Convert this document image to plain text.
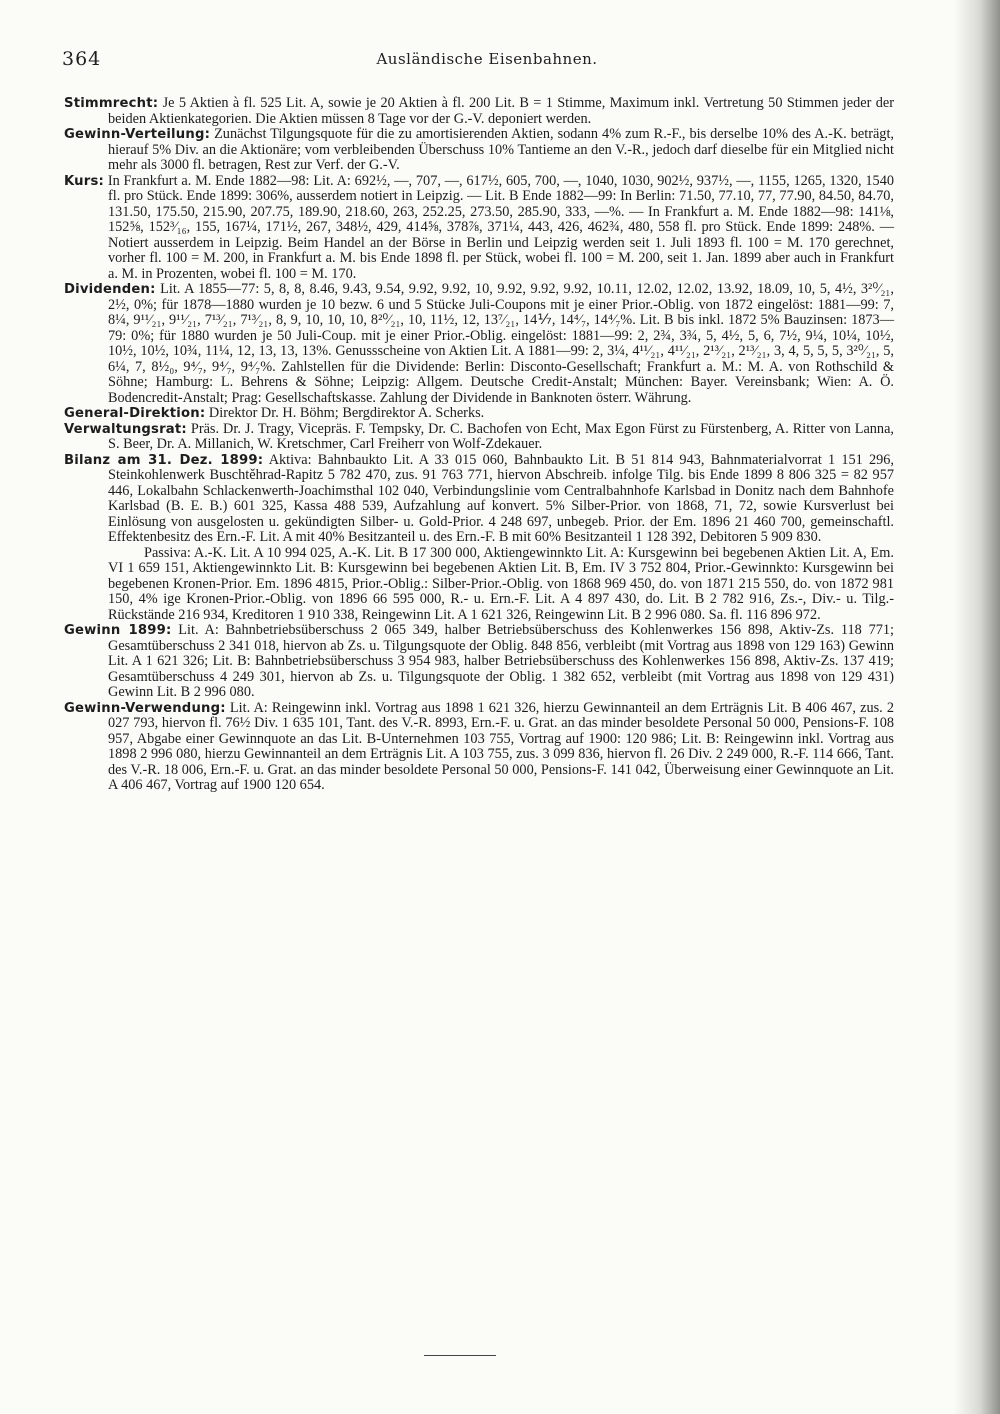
364	Ausländische Eisenbahnen.

Stimmrecht: Je 5 Aktien à fl. 525 Lit. A, sowie je 20 Aktien à fl. 200 Lit. B = 1 Stimme, Maximum inkl. Vertretung 50 Stimmen jeder der beiden Aktienkategorien. Die Aktien müssen 8 Tage vor der G.-V. deponiert werden.

Gewinn-Verteilung: Zunächst Tilgungsquote für die zu amortisierenden Aktien, sodann 4% zum R.-F., bis derselbe 10% des A.-K. beträgt, hierauf 5% Div. an die Aktionäre; vom verbleibenden Überschuss 10% Tantieme an den V.-R., jedoch darf dieselbe für ein Mitglied nicht mehr als 3000 fl. betragen, Rest zur Verf. der G.-V.

Kurs: In Frankfurt a. M. Ende 1882—98: Lit. A: 692½, —, 707, —, 617½, 605, 700, —, 1040, 1030, 902½, 937½, —, 1155, 1265, 1320, 1540 fl. pro Stück. Ende 1899: 306%, ausserdem notiert in Leipzig. — Lit. B Ende 1882—99: In Berlin: 71.50, 77.10, 77, 77.90, 84.50, 84.70, 131.50, 175.50, 215.90, 207.75, 189.90, 218.60, 263, 252.25, 273.50, 285.90, 333, —%. — In Frankfurt a. M. Ende 1882—98: 141⅛, 152⅝, 152³⁄₁₆, 155, 167¼, 171½, 267, 348½, 429, 414⅝, 378⅞, 371¼, 443, 426, 462¾, 480, 558 fl. pro Stück. Ende 1899: 248%. — Notiert ausserdem in Leipzig. Beim Handel an der Börse in Berlin und Leipzig werden seit 1. Juli 1893 fl. 100 = M. 170 gerechnet, vorher fl. 100 = M. 200, in Frankfurt a. M. bis Ende 1898 fl. per Stück, wobei fl. 100 = M. 200, seit 1. Jan. 1899 aber auch in Frankfurt a. M. in Prozenten, wobei fl. 100 = M. 170.

Dividenden: Lit. A 1855—77: 5, 8, 8, 8.46, 9.43, 9.54, 9.92, 9.92, 10, 9.92, 9.92, 9.92, 10.11, 12.02, 12.02, 13.92, 18.09, 10, 5, 4½, 3²⁰⁄₂₁, 2½, 0%; für 1878—1880 wurden je 10 bezw. 6 und 5 Stücke Juli-Coupons mit je einer Prior.-Oblig. von 1872 eingelöst: 1881—99: 7, 8¼, 9¹¹⁄₂₁, 9¹¹⁄₂₁, 7¹³⁄₂₁, 7¹³⁄₂₁, 8, 9, 10, 10, 10, 8²⁰⁄₂₁, 10, 11½, 12, 13⁷⁄₂₁, 14⅐, 14⁴⁄₇, 14⁴⁄₇%. Lit. B bis inkl. 1872 5% Bauzinsen: 1873—79: 0%; für 1880 wurden je 50 Juli-Coup. mit je einer Prior.-Oblig. eingelöst: 1881—99: 2, 2¾, 3¾, 5, 4½, 5, 6, 7½, 9¼, 10¼, 10½, 10½, 10½, 10¾, 11¼, 12, 13, 13, 13%. Genussscheine von Aktien Lit. A 1881—99: 2, 3¼, 4¹¹⁄₂₁, 4¹¹⁄₂₁, 2¹³⁄₂₁, 2¹³⁄₂₁, 3, 4, 5, 5, 5, 3²⁰⁄₂₁, 5, 6¼, 7, 8½₀, 9⁴⁄₇, 9⁴⁄₇, 9⁴⁄₇%. Zahlstellen für die Dividende: Berlin: Disconto-Gesellschaft; Frankfurt a. M.: M. A. von Rothschild & Söhne; Hamburg: L. Behrens & Söhne; Leipzig: Allgem. Deutsche Credit-Anstalt; München: Bayer. Vereinsbank; Wien: A. Ö. Bodencredit-Anstalt; Prag: Gesellschaftskasse. Zahlung der Dividende in Banknoten österr. Währung.

General-Direktion: Direktor Dr. H. Böhm; Bergdirektor A. Scherks.

Verwaltungsrat: Präs. Dr. J. Tragy, Vicepräs. F. Tempsky, Dr. C. Bachofen von Echt, Max Egon Fürst zu Fürstenberg, A. Ritter von Lanna, S. Beer, Dr. A. Millanich, W. Kretschmer, Carl Freiherr von Wolf-Zdekauer.

Bilanz am 31. Dez. 1899: Aktiva: Bahnbaukto Lit. A 33 015 060, Bahnbaukto Lit. B 51 814 943, Bahnmaterialvorrat 1 151 296, Steinkohlenwerk Buschtěhrad-Rapitz 5 782 470, zus. 91 763 771, hiervon Abschreib. infolge Tilg. bis Ende 1899 8 806 325 = 82 957 446, Lokalbahn Schlackenwerth-Joachimsthal 102 040, Verbindungslinie vom Centralbahnhofe Karlsbad in Donitz nach dem Bahnhofe Karlsbad (B. E. B.) 601 325, Kassa 488 539, Aufzahlung auf konvert. 5% Silber-Prior. von 1868, 71, 72, sowie Kursverlust bei Einlösung von ausgelosten u. gekündigten Silber- u. Gold-Prior. 4 248 697, unbegeb. Prior. der Em. 1896 21 460 700, gemeinschaftl. Effektenbesitz des Ern.-F. Lit. A mit 40% Besitzanteil u. des Ern.-F. B mit 60% Besitzanteil 1 128 392, Debitoren 5 909 830.

Passiva: A.-K. Lit. A 10 994 025, A.-K. Lit. B 17 300 000, Aktiengewinnkto Lit. A: Kursgewinn bei begebenen Aktien Lit. A, Em. VI 1 659 151, Aktiengewinnkto Lit. B: Kursgewinn bei begebenen Aktien Lit. B, Em. IV 3 752 804, Prior.-Gewinnkto: Kursgewinn bei begebenen Kronen-Prior. Em. 1896 4815, Prior.-Oblig.: Silber-Prior.-Oblig. von 1868 969 450, do. von 1871 215 550, do. von 1872 981 150, 4% ige Kronen-Prior.-Oblig. von 1896 66 595 000, R.- u. Ern.-F. Lit. A 4 897 430, do. Lit. B 2 782 916, Zs.-, Div.- u. Tilg.-Rückstände 216 934, Kreditoren 1 910 338, Reingewinn Lit. A 1 621 326, Reingewinn Lit. B 2 996 080. Sa. fl. 116 896 972.

Gewinn 1899: Lit. A: Bahnbetriebsüberschuss 2 065 349, halber Betriebsüberschuss des Kohlenwerkes 156 898, Aktiv-Zs. 118 771; Gesamtüberschuss 2 341 018, hiervon ab Zs. u. Tilgungsquote der Oblig. 848 856, verbleibt (mit Vortrag aus 1898 von 129 163) Gewinn Lit. A 1 621 326; Lit. B: Bahnbetriebsüberschuss 3 954 983, halber Betriebsüberschuss des Kohlenwerkes 156 898, Aktiv-Zs. 137 419; Gesamtüberschuss 4 249 301, hiervon ab Zs. u. Tilgungsquote der Oblig. 1 382 652, verbleibt (mit Vortrag aus 1898 von 129 431) Gewinn Lit. B 2 996 080.

Gewinn-Verwendung: Lit. A: Reingewinn inkl. Vortrag aus 1898 1 621 326, hierzu Gewinnanteil an dem Erträgnis Lit. B 406 467, zus. 2 027 793, hiervon fl. 76½ Div. 1 635 101, Tant. des V.-R. 8993, Ern.-F. u. Grat. an das minder besoldete Personal 50 000, Pensions-F. 108 957, Abgabe einer Gewinnquote an das Lit. B-Unternehmen 103 755, Vortrag auf 1900: 120 986; Lit. B: Reingewinn inkl. Vortrag aus 1898 2 996 080, hierzu Gewinnanteil an dem Erträgnis Lit. A 103 755, zus. 3 099 836, hiervon fl. 26 Div. 2 249 000, R.-F. 114 666, Tant. des V.-R. 18 006, Ern.-F. u. Grat. an das minder besoldete Personal 50 000, Pensions-F. 141 042, Überweisung einer Gewinnquote an Lit. A 406 467, Vortrag auf 1900 120 654.
